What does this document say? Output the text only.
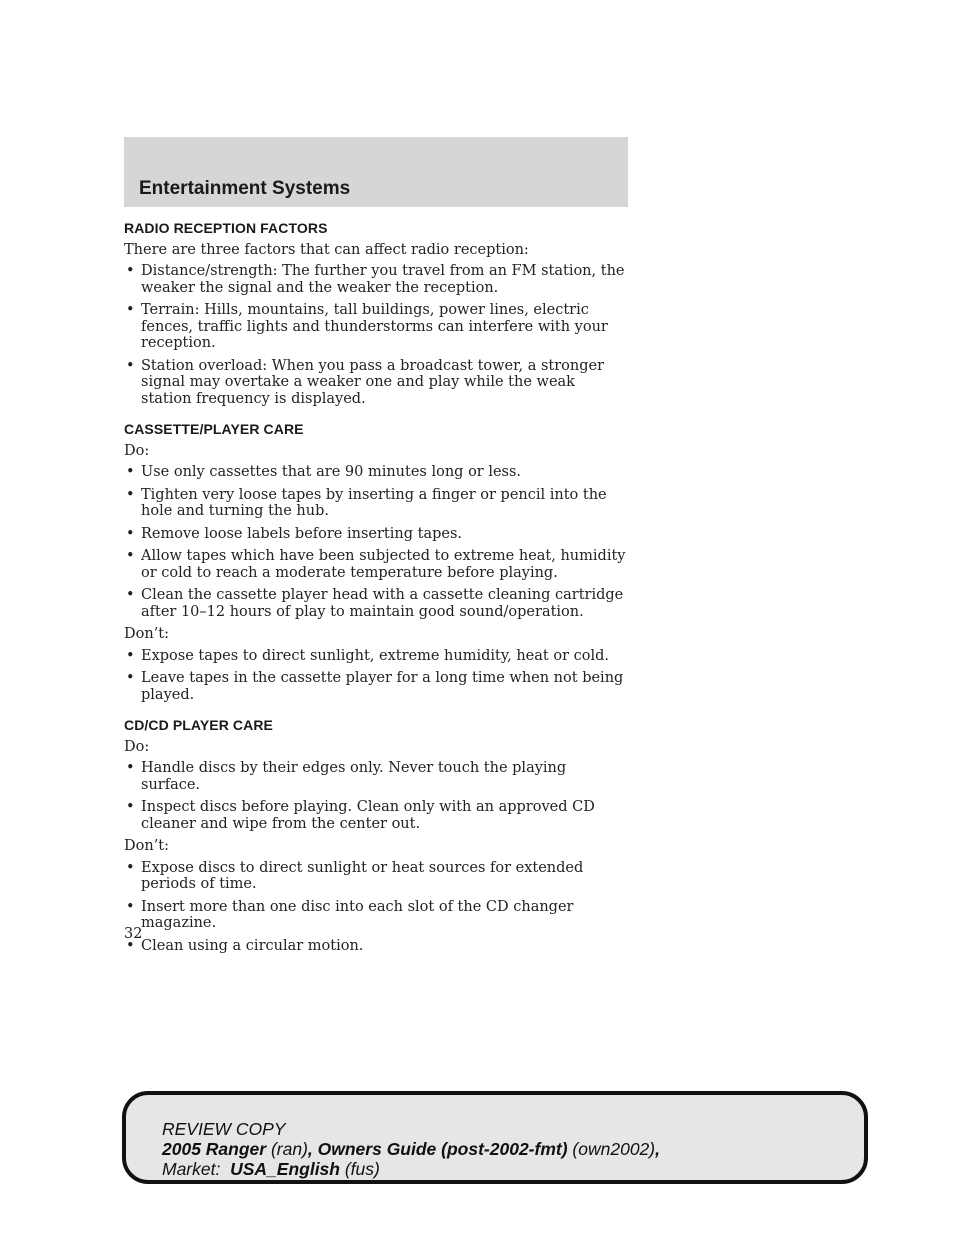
Entertainment Systems
RADIO RECEPTION FACTORS
There are three factors that can affect radio reception:
• Distance/strength: The further you travel from an FM station, the weaker the signal and the weaker the reception.
• Terrain: Hills, mountains, tall buildings, power lines, electric fences, traffic lights and thunderstorms can interfere with your reception.
• Station overload: When you pass a broadcast tower, a stronger signal may overtake a weaker one and play while the weak station frequency is displayed.
CASSETTE/PLAYER CARE
Do:
• Use only cassettes that are 90 minutes long or less.
• Tighten very loose tapes by inserting a finger or pencil into the hole and turning the hub.
• Remove loose labels before inserting tapes.
• Allow tapes which have been subjected to extreme heat, humidity or cold to reach a moderate temperature before playing.
• Clean the cassette player head with a cassette cleaning cartridge after 10–12 hours of play to maintain good sound/operation.
Don’t:
• Expose tapes to direct sunlight, extreme humidity, heat or cold.
• Leave tapes in the cassette player for a long time when not being played.
CD/CD PLAYER CARE
Do:
• Handle discs by their edges only. Never touch the playing surface.
• Inspect discs before playing. Clean only with an approved CD cleaner and wipe from the center out.
Don’t:
• Expose discs to direct sunlight or heat sources for extended periods of time.
• Insert more than one disc into each slot of the CD changer magazine.
• Clean using a circular motion.
32
REVIEW COPY
2005 Ranger (ran), Owners Guide (post-2002-fmt) (own2002),
Market: USA_English (fus)
